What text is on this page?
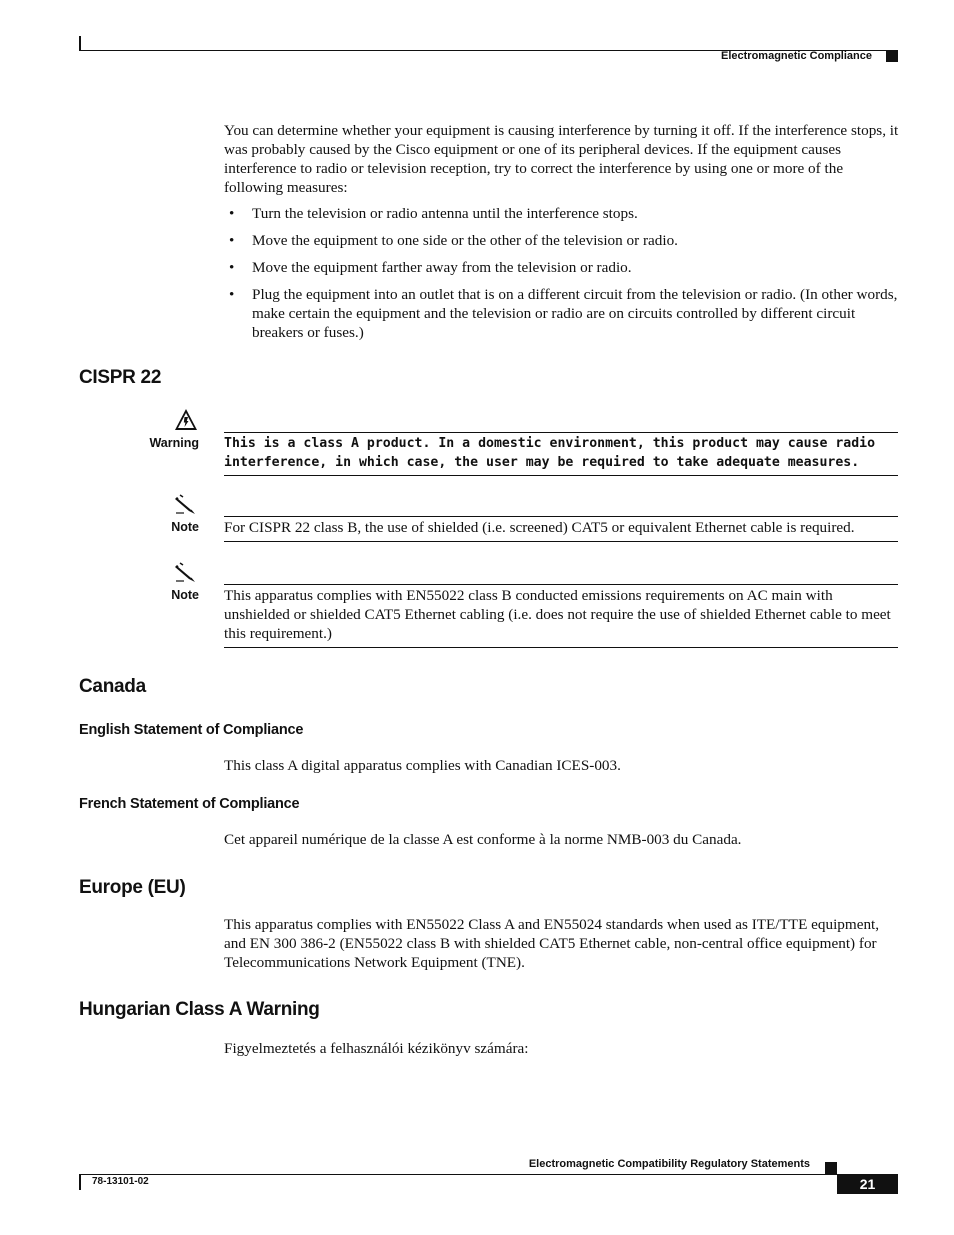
Electromagnetic Compliance
You can determine whether your equipment is causing interference by turning it off. If the interference stops, it was probably caused by the Cisco equipment or one of its peripheral devices. If the equipment causes interference to radio or television reception, try to correct the interference by using one or more of the following measures:
• Turn the television or radio antenna until the interference stops.
• Move the equipment to one side or the other of the television or radio.
• Move the equipment farther away from the television or radio.
• Plug the equipment into an outlet that is on a different circuit from the television or radio. (In other words, make certain the equipment and the television or radio are on circuits controlled by different circuit breakers or fuses.)
CISPR 22
Warning This is a class A product. In a domestic environment, this product may cause radio interference, in which case, the user may be required to take adequate measures.
Note For CISPR 22 class B, the use of shielded (i.e. screened) CAT5 or equivalent Ethernet cable is required.
Note This apparatus complies with EN55022 class B conducted emissions requirements on AC main with unshielded or shielded CAT5 Ethernet cabling (i.e. does not require the use of shielded Ethernet cable to meet this requirement.)
Canada
English Statement of Compliance
This class A digital apparatus complies with Canadian ICES-003.
French Statement of Compliance
Cet appareil numérique de la classe A est conforme à la norme NMB-003 du Canada.
Europe (EU)
This apparatus complies with EN55022 Class A and EN55024 standards when used as ITE/TTE equipment, and EN 300 386-2 (EN55022 class B with shielded CAT5 Ethernet cable, non-central office equipment) for Telecommunications Network Equipment (TNE).
Hungarian Class A Warning
Figyelmeztetés a felhasználói kézikönyv számára:
Electromagnetic Compatibility Regulatory Statements
78-13101-02	21
